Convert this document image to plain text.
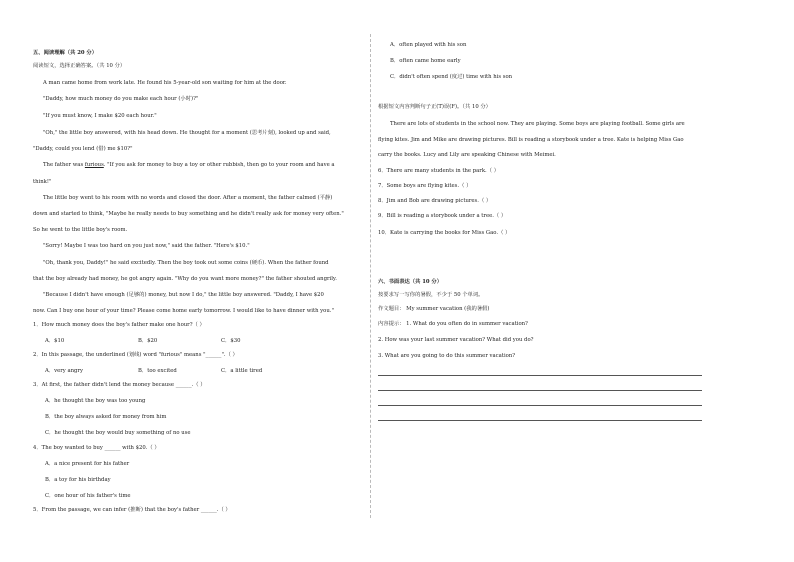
五、阅读理解（共 20 分）
阅读短文，选择正确答案。（共 10 分）
A man came home from work late. He found his 5-year-old son waiting for him at the door.
"Daddy, how much money do you make each hour (小时)?"
"If you must know, I make $20 each hour."
"Oh," the little boy answered, with his head down. He thought for a moment (思考片刻), looked up and said,
"Daddy, could you lend (借) me $10?"
The father was furious. "If you ask for money to buy a toy or other rubbish, then go to your room and have a
think!"
The little boy went to his room with no words and closed the door. After a moment, the father calmed (平静)
down and started to think, "Maybe he really needs to buy something and he didn't really ask for money very often."
So he went to the little boy's room.
"Sorry! Maybe I was too hard on you just now," said the father. "Here's $10."
"Oh, thank you, Daddy!" he said excitedly. Then the boy took out some coins (硬币). When the father found
that the boy already had money, he got angry again. "Why do you want more money?" the father shouted angrily.
"Because I didn't have enough (足够的) money, but now I do," the little boy answered. "Daddy, I have $20
now. Can I buy one hour of your time? Please come home early tomorrow. I would like to have dinner with you."
1．How much money does the boy's father make one hour?（ ）
A．$10	B．$20	C．$30
2．In this passage, the underlined (划线) word "furious" means "______".（ ）
A．very angry	B．too excited	C．a little tired
3．At first, the father didn't lend the money because ______.（ ）
A．he thought the boy was too young
B．the boy always asked for money from him
C．he thought the boy would buy something of no use
4．The boy wanted to buy ______ with $20.（ ）
A．a nice present for his father
B．a toy for his birthday
C．one hour of his father's time
5．From the passage, we can infer (推断) that the boy's father ______.（ ）
A．often played with his son
B．often came home early
C．didn't often spend (度过) time with his son
根据短文内容判断句子正(T)误(F)。（共 10 分）
There are lots of students in the school now. They are playing. Some boys are playing football. Some girls are
flying kites. Jim and Mike are drawing pictures. Bill is reading a storybook under a tree. Kate is helping Miss Gao
carry the books. Lucy and Lily are speaking Chinese with Meimei.
6．There are many students in the park.（ ）
7．Some boys are flying kites.（ ）
8．Jim and Bob are drawing pictures.（ ）
9．Bill is reading a storybook under a tree.（ ）
10．Kate is carrying the books for Miss Gao.（ ）
六、书面表达（共 10 分）
按要求写一写你的暑假，不少于 50 个单词。
作文题目： My summer vacation (我的暑假)
内容提示： 1. What do you often do in summer vacation?
2. How was your last summer vacation? What did you do?
3. What are you going to do this summer vacation?
